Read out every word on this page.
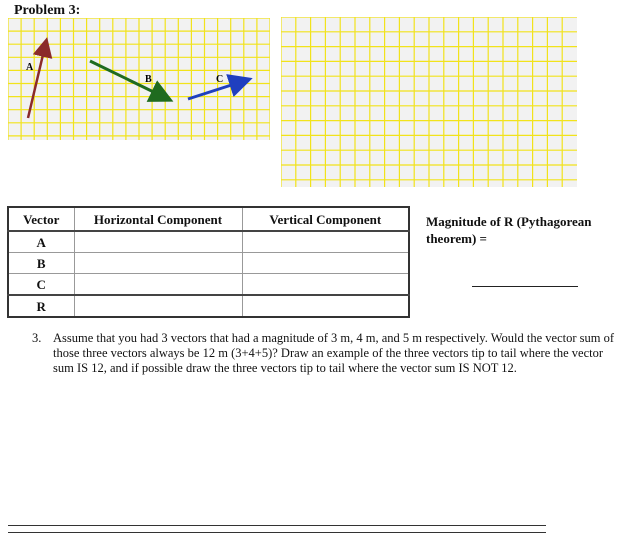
Problem 3:
A
B	C
Vector	Horizontal Component	Vertical Component
A		
B		
C		
R		
Magnitude of R (Pythagorean theorem) =
3. Assume that you had 3 vectors that had a magnitude of 3 m, 4 m, and 5 m respectively. Would the vector sum of those three vectors always be 12 m (3+4+5)? Draw an example of the three vectors tip to tail where the vector sum IS 12, and if possible draw the three vectors tip to tail where the vector sum IS NOT 12.
